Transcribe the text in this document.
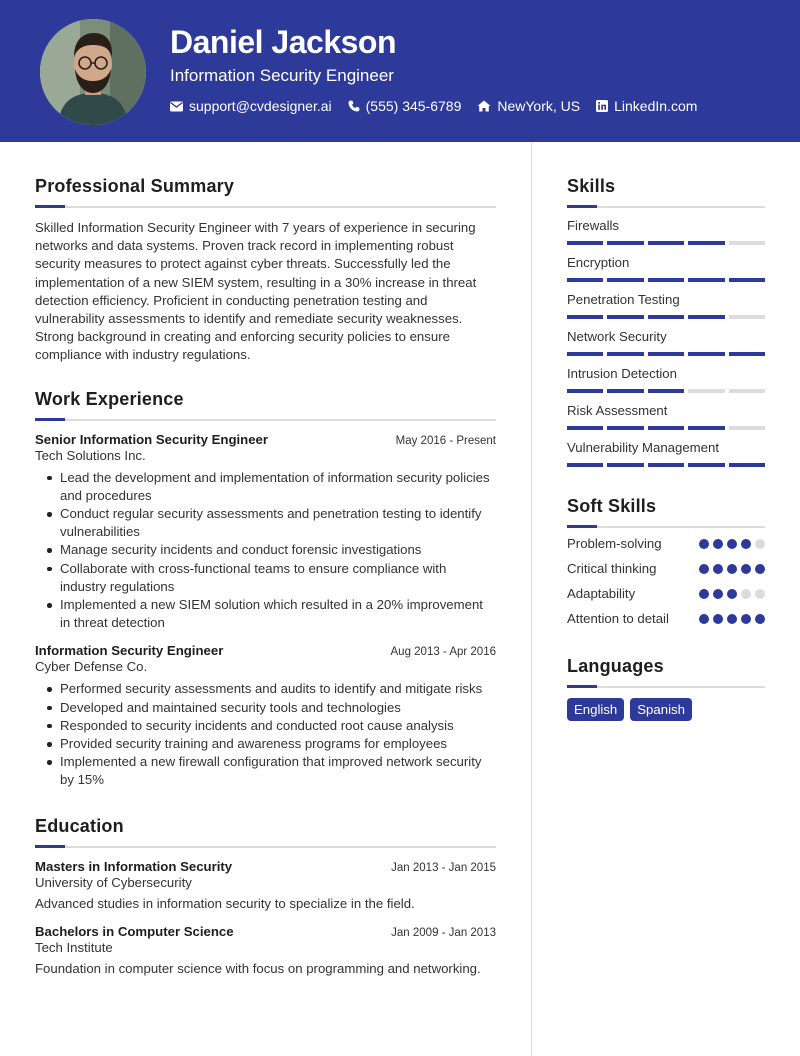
Daniel Jackson
Information Security Engineer
support@cvdesigner.ai (555) 345-6789	NewYork, US LinkedIn.com
Professional Summary

Skilled Information Security Engineer with 7 years of experience in securing networks and data systems. Proven track record in implementing robust security measures to protect against cyber threats. Successfully led the implementation of a new SIEM system, resulting in a 30% increase in threat detection efficiency. Proficient in conducting penetration testing and vulnerability assessments to identify and remediate security weaknesses. Strong background in creating and enforcing security policies to ensure compliance with industry regulations.

Work Experience
Senior Information Security Engineer	May 2016 - Present
Tech Solutions Inc.
Lead the development and implementation of information security policies and procedures
Conduct regular security assessments and penetration testing to identify vulnerabilities
Manage security incidents and conduct forensic investigations
Collaborate with cross-functional teams to ensure compliance with industry regulations
Implemented a new SIEM solution which resulted in a 20% improvement in threat detection
Information Security Engineer	Aug 2013 - Apr 2016
Cyber Defense Co.
Performed security assessments and audits to identify and mitigate risks
Developed and maintained security tools and technologies
Responded to security incidents and conducted root cause analysis
Provided security training and awareness programs for employees
Implemented a new firewall configuration that improved network security by 15%
Education
Masters in Information Security	Jan 2013 - Jan 2015
University of Cybersecurity

Advanced studies in information security to specialize in the field.

Bachelors in Computer Science	Jan 2009 - Jan 2013
Tech Institute

Foundation in computer science with focus on programming and networking.

Skills
Firewalls
Encryption
Penetration Testing
Network Security
Intrusion Detection
Risk Assessment
Vulnerability Management
Soft Skills
Problem-solving
Critical thinking
Adaptability
Attention to detail
Languages
English	Spanish
